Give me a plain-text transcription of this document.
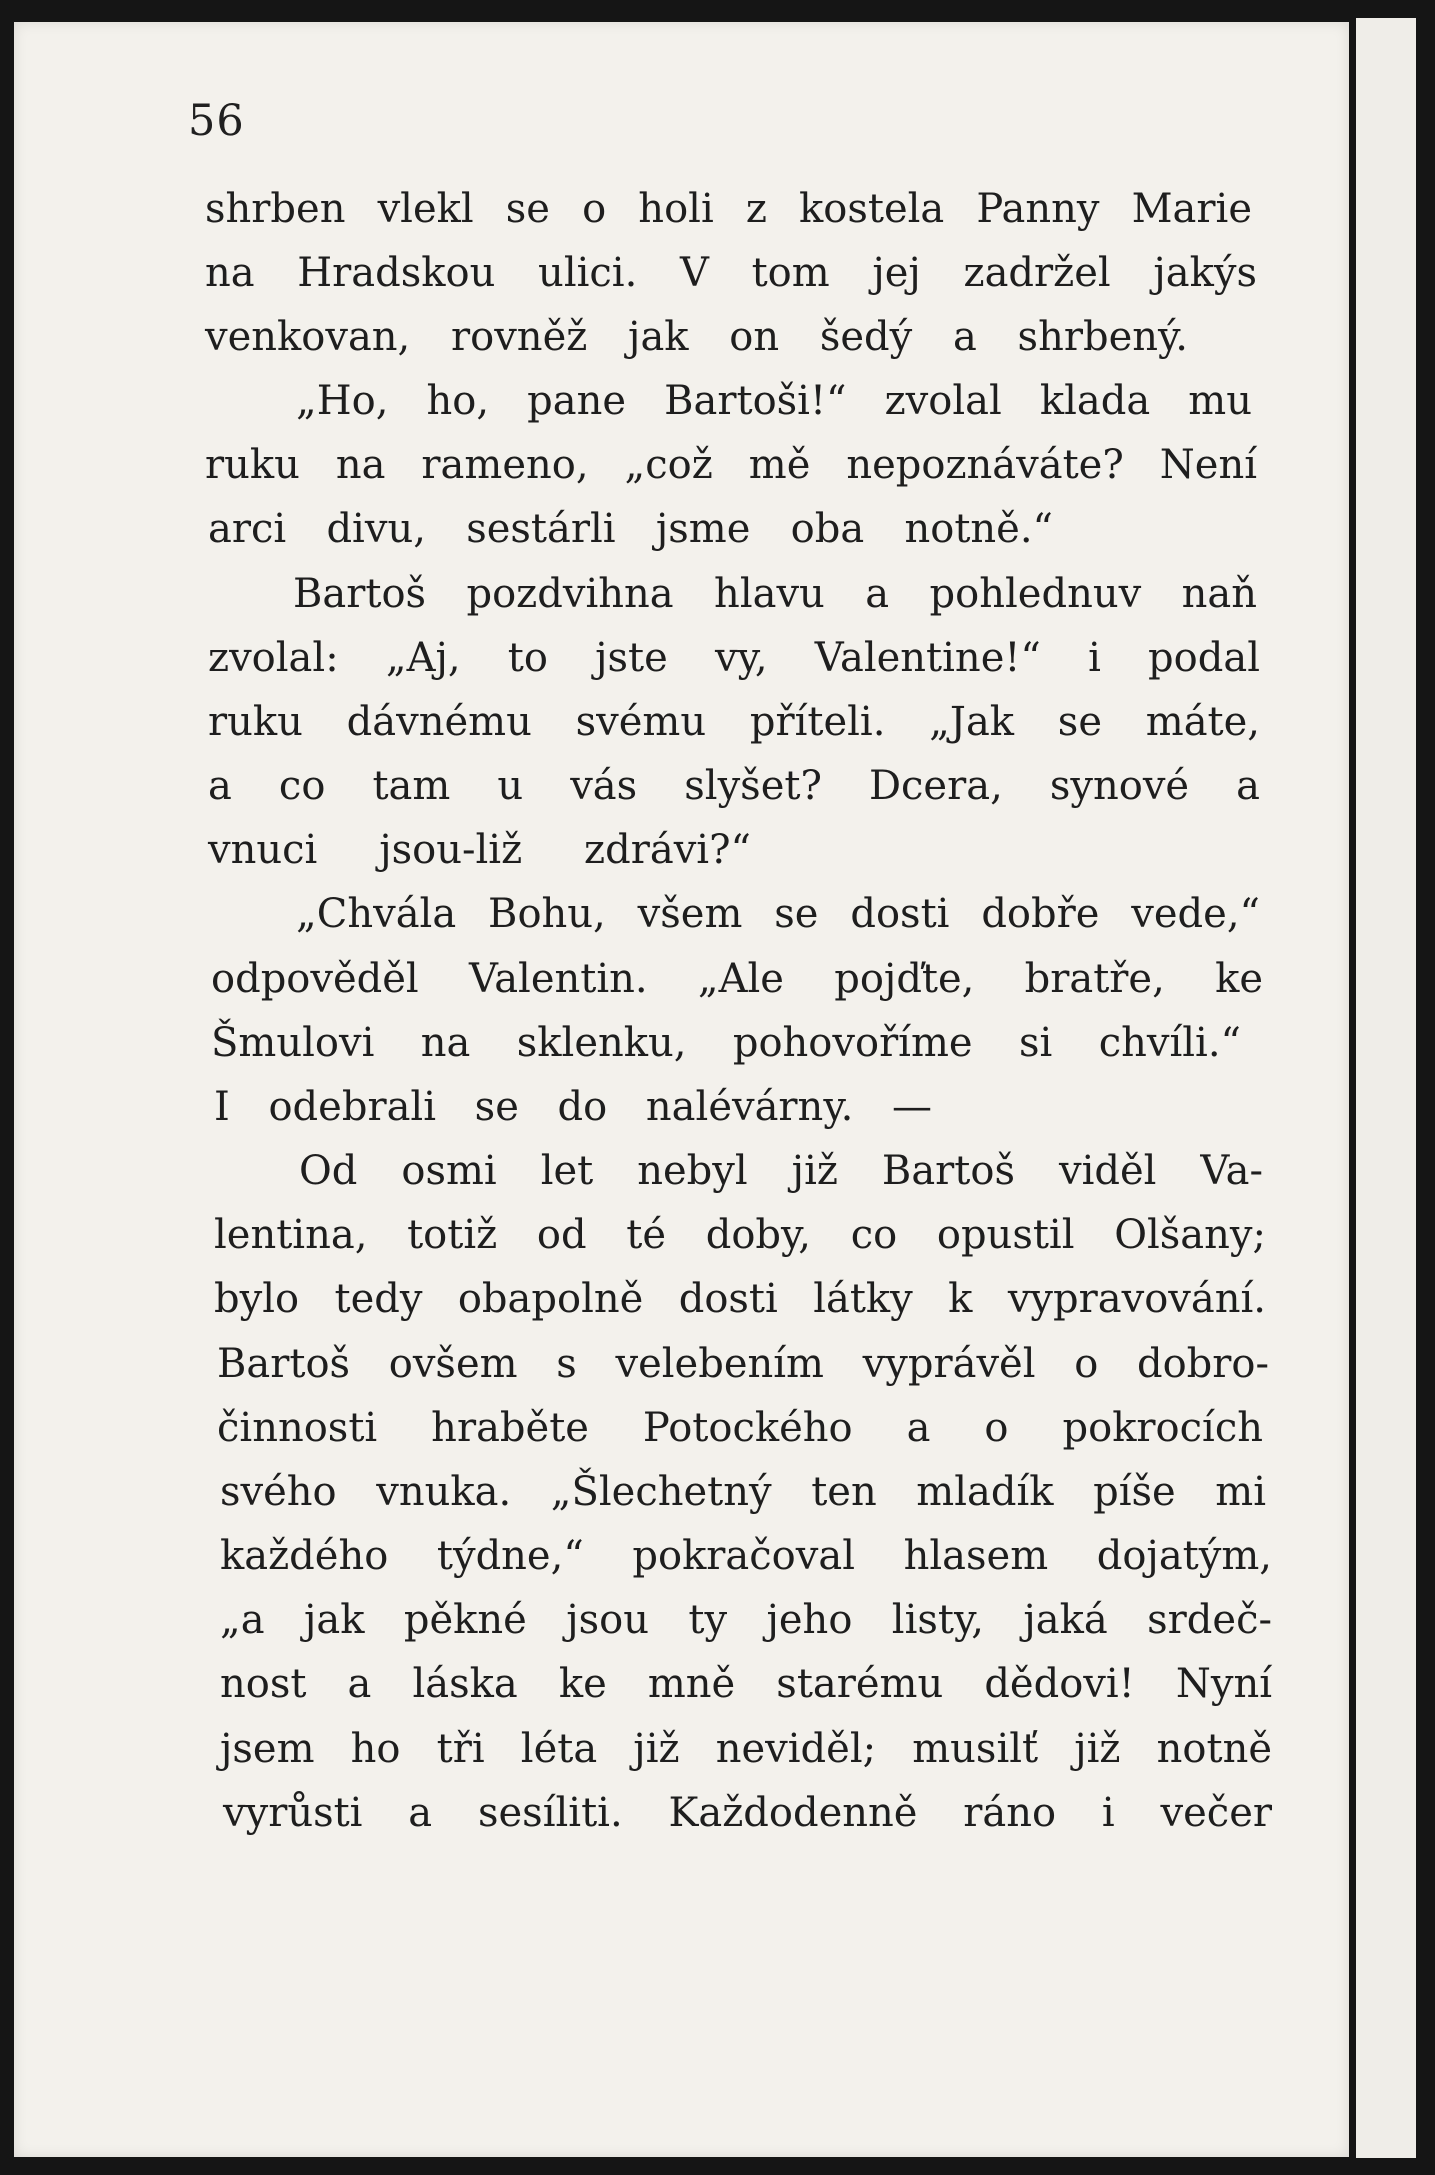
56

shrben vlekl se o holi z kostela Panny Marie

na Hradskou ulici. V tom jej zadržel jakýs

venkovan, rovněž jak on šedý a shrbený.

„Ho, ho, pane Bartoši!“ zvolal klada mu

ruku na rameno, „což mě nepoznáváte? Není

arci divu, sestárli jsme oba notně.“

Bartoš pozdvihna hlavu a pohlednuv naň

zvolal: „Aj, to jste vy, Valentine!“ i podal

ruku dávnému svému příteli. „Jak se máte,

a co tam u vás slyšet? Dcera, synové a

vnuci jsou-liž zdrávi?“

„Chvála Bohu, všem se dosti dobře vede,“

odpověděl Valentin. „Ale pojďte, bratře, ke

Šmulovi na sklenku, pohovoříme si chvíli.“

I odebrali se do nalévárny. —

Od osmi let nebyl již Bartoš viděl Va-

lentina, totiž od té doby, co opustil Olšany;

bylo tedy obapolně dosti látky k vypravování.

Bartoš ovšem s velebením vyprávěl o dobro-

činnosti hraběte Potockého a o pokrocích

svého vnuka. „Šlechetný ten mladík píše mi

každého týdne,“ pokračoval hlasem dojatým,

„a jak pěkné jsou ty jeho listy, jaká srdeč-

nost a láska ke mně starému dědovi! Nyní

jsem ho tři léta již neviděl; musilť již notně

vyrůsti a sesíliti. Každodenně ráno i večer
